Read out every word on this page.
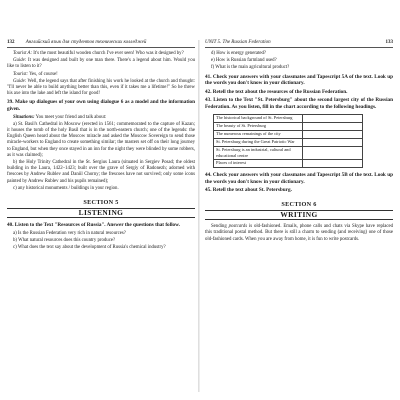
132 Английский язык для студентов технических колледжей

Tourist A: It's the most beautiful wooden church I've ever seen! Who was it designed by?

Guide: It was designed and built by one man there. There's a legend about him. Would you like to listen to it?

Tourist: Yes, of course!

Guide: Well, the legend says that after finishing his work he looked at the church and thought: "I'll never be able to build anything better than this, even if it takes me a lifetime!" So he threw his axe into the lake and left the island for good!

39. Make up dialogues of your own using dialogue 6 as a model and the information given.

Situations: You meet your friend and talk about:

a) St. Basil's Cathedral in Moscow (erected in 1561; commemorated to the capture of Kazan; it houses the tomb of the holy Basil that is in the north-eastern church; one of the legends: the English Queen heard about the Moscow miracle and asked the Moscow Sovereign to send those miracle-workers to England to create something similar; the masters set off on their long journey to England, but when they once stayed in an inn for the night they were blinded by some robbers, as it was claimed);

b) the Holy Trinity Cathedral in the St. Sergius Laura (situated in Sergiev Posad; the oldest building in the Laura, 1422–1423; built over the grave of Sergiy of Radonezh; adorned with frescoes by Andrew Rublev and Daniil Chorny; the frescoes have not survived; only some icons painted by Andrew Rublev and his pupils remained);

c) any historical monuments / buildings in your region.

SECTION 5
LISTENING

40. Listen to the Text "Resources of Russia". Answer the questions that follow.

a) Is the Russian Federation very rich in natural resources?

b) What natural resources does this country produce?

c) What does the text say about the development of Russia's chemical industry?

UNIT 5. The Russian Federation	133

d) How is energy generated?

e) How is Russian farmland used?

f) What is the main agricultural product?

41. Check your answers with your classmates and Tapescript 5A of the text. Look up the words you don't know in your dictionary.

42. Retell the text about the resources of the Russian Federation.

43. Listen to the Text "St. Petersburg" about the second largest city of the Russian Federation. As you listen, fill in the chart according to the following headings.

The historical background of St. Petersburg	
The beauty of St. Petersburg	
The numerous remainings of the city	
St. Petersburg during the Great Patriotic War	
St. Petersburg is an industrial, cultural and educational centre	
Places of interest	

44. Check your answers with your classmates and Tapescript 5B of the text. Look up the words you don't know in your dictionary.

45. Retell the text about St. Petersburg.

SECTION 6
WRITING

Sending postcards is old-fashioned. Emails, phone calls and chats via Skype have replaced this traditional postal method. But there is still a charm to sending (and receiving) one of those old-fashioned cards. When you are away from home, it is fun to write postcards.
